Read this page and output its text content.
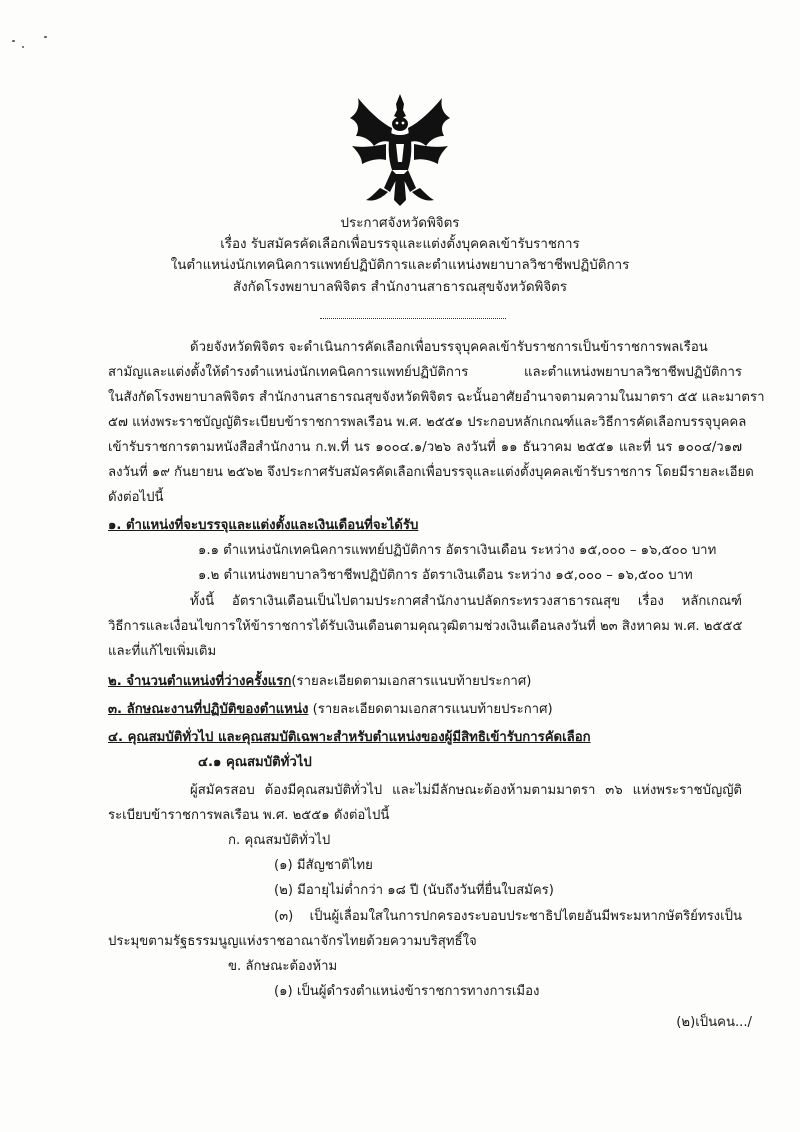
ประกาศจังหวัดพิจิตร
เรื่อง รับสมัครคัดเลือกเพื่อบรรจุและแต่งตั้งบุคคลเข้ารับราชการ
ในตำแหน่งนักเทคนิคการแพทย์ปฏิบัติการและตำแหน่งพยาบาลวิชาชีพปฏิบัติการ
สังกัดโรงพยาบาลพิจิตร สำนักงานสาธารณสุขจังหวัดพิจิตร
ด้วยจังหวัดพิจิตร จะดำเนินการคัดเลือกเพื่อบรรจุบุคคลเข้ารับราชการเป็นข้าราชการพลเรือน
สามัญและแต่งตั้งให้ดำรงตำแหน่งนักเทคนิคการแพทย์ปฏิบัติการ และตำแหน่งพยาบาลวิชาชีพปฏิบัติการ
ในสังกัดโรงพยาบาลพิจิตร สำนักงานสาธารณสุขจังหวัดพิจิตร ฉะนั้นอาศัยอำนาจตามความในมาตรา ๕๕ และมาตรา
๕๗ แห่งพระราชบัญญัติระเบียบข้าราชการพลเรือน พ.ศ. ๒๕๕๑ ประกอบหลักเกณฑ์และวิธีการคัดเลือกบรรจุบุคคล
เข้ารับราชการตามหนังสือสำนักงาน ก.พ.ที่ นร ๑๐๐๔.๑/ว๒๖ ลงวันที่ ๑๑ ธันวาคม ๒๕๕๑ และที่ นร ๑๐๐๔/ว๑๗
ลงวันที่ ๑๙ กันยายน ๒๕๖๒ จึงประกาศรับสมัครคัดเลือกเพื่อบรรจุและแต่งตั้งบุคคลเข้ารับราชการ โดยมีรายละเอียด
ดังต่อไปนี้
๑. ตำแหน่งที่จะบรรจุและแต่งตั้งและเงินเดือนที่จะได้รับ
๑.๑ ตำแหน่งนักเทคนิคการแพทย์ปฏิบัติการ อัตราเงินเดือน ระหว่าง ๑๕,๐๐๐ – ๑๖,๕๐๐ บาท
๑.๒ ตำแหน่งพยาบาลวิชาชีพปฏิบัติการ อัตราเงินเดือน ระหว่าง ๑๕,๐๐๐ – ๑๖,๕๐๐ บาท
ทั้งนี้ อัตราเงินเดือนเป็นไปตามประกาศสำนักงานปลัดกระทรวงสาธารณสุข เรื่อง หลักเกณฑ์
วิธีการและเงื่อนไขการให้ข้าราชการได้รับเงินเดือนตามคุณวุฒิตามช่วงเงินเดือนลงวันที่ ๒๓ สิงหาคม พ.ศ. ๒๕๕๕
และที่แก้ไขเพิ่มเติม
๒. จำนวนตำแหน่งที่ว่างครั้งแรก(รายละเอียดตามเอกสารแนบท้ายประกาศ)
๓. ลักษณะงานที่ปฏิบัติของตำแหน่ง (รายละเอียดตามเอกสารแนบท้ายประกาศ)
๔. คุณสมบัติทั่วไป และคุณสมบัติเฉพาะสำหรับตำแหน่งของผู้มีสิทธิเข้ารับการคัดเลือก
๔.๑ คุณสมบัติทั่วไป
ผู้สมัครสอบ ต้องมีคุณสมบัติทั่วไป และไม่มีลักษณะต้องห้ามตามมาตรา ๓๖ แห่งพระราชบัญญัติ
ระเบียบข้าราชการพลเรือน พ.ศ. ๒๕๕๑ ดังต่อไปนี้
ก. คุณสมบัติทั่วไป
(๑) มีสัญชาติไทย
(๒) มีอายุไม่ต่ำกว่า ๑๘ ปี (นับถึงวันที่ยื่นใบสมัคร)
(๓) เป็นผู้เลื่อมใสในการปกครองระบอบประชาธิปไตยอันมีพระมหากษัตริย์ทรงเป็น
ประมุขตามรัฐธรรมนูญแห่งราชอาณาจักรไทยด้วยความบริสุทธิ์ใจ
ข. ลักษณะต้องห้าม
(๑) เป็นผู้ดำรงตำแหน่งข้าราชการทางการเมือง
(๒)เป็นคน.../
